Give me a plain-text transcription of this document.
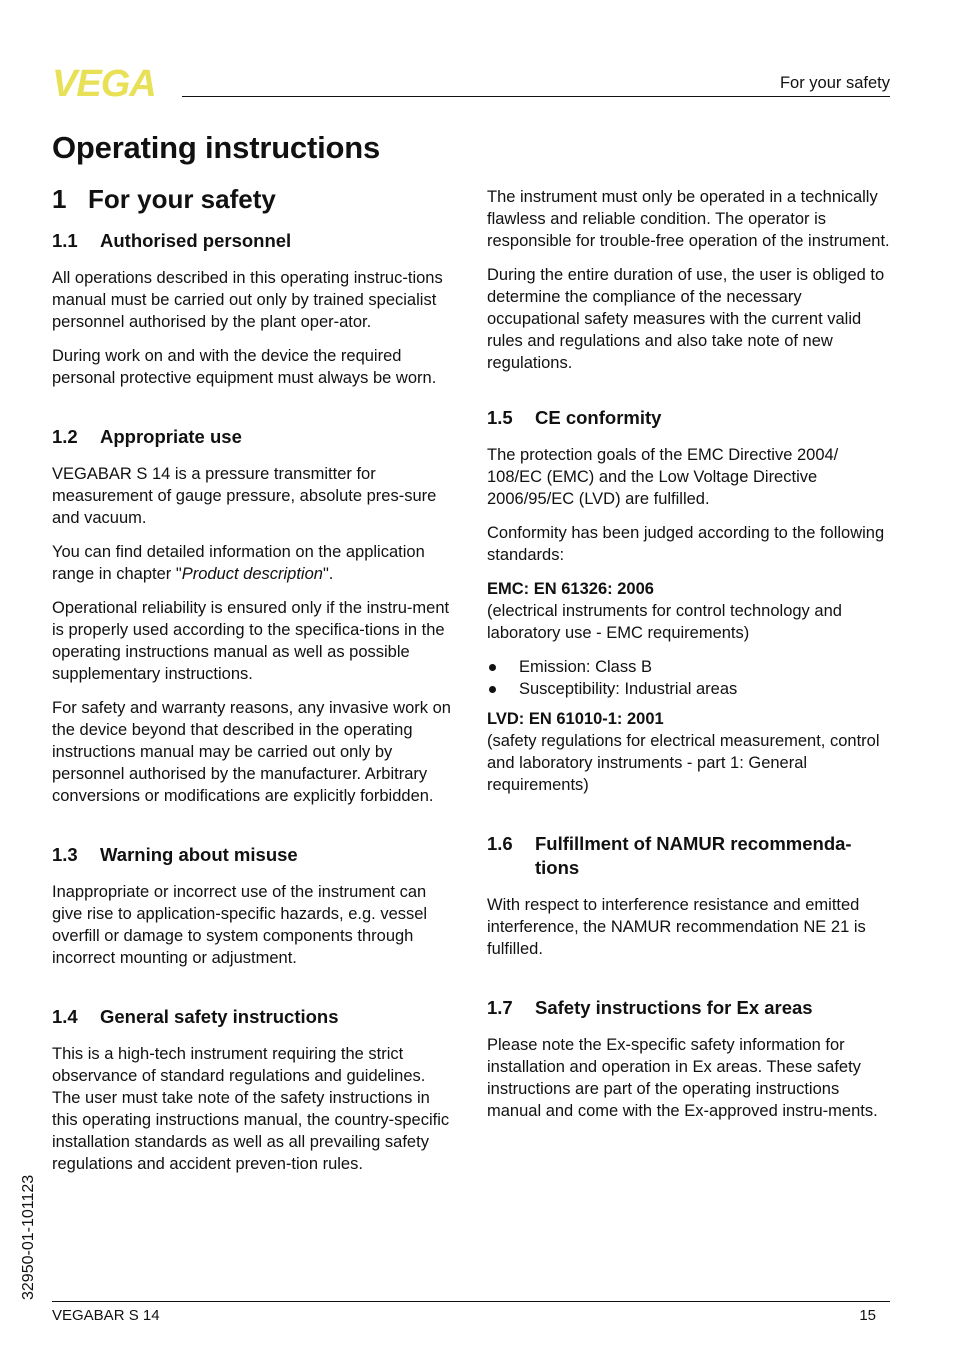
VEGA	For your safety
Operating instructions
1 For your safety
1.1	Authorised personnel

All operations described in this operating instruc-tions manual must be carried out only by trained specialist personnel authorised by the plant oper-ator.

During work on and with the device the required personal protective equipment must always be worn.

1.2	Appropriate use

VEGABAR S 14 is a pressure transmitter for measurement of gauge pressure, absolute pres-sure and vacuum.

You can find detailed information on the application range in chapter "Product description".

Operational reliability is ensured only if the instru-ment is properly used according to the specifica-tions in the operating instructions manual as well as possible supplementary instructions.

For safety and warranty reasons, any invasive work on the device beyond that described in the operating instructions manual may be carried out only by personnel authorised by the manufacturer. Arbitrary conversions or modifications are explicitly forbidden.

1.3	Warning about misuse

Inappropriate or incorrect use of the instrument can give rise to application-specific hazards, e.g. vessel overfill or damage to system components through incorrect mounting or adjustment.

1.4	General safety instructions

This is a high-tech instrument requiring the strict observance of standard regulations and guidelines. The user must take note of the safety instructions in this operating instructions manual, the country-specific installation standards as well as all prevailing safety regulations and accident preven-tion rules.

The instrument must only be operated in a technically flawless and reliable condition. The operator is responsible for trouble-free operation of the instrument.

During the entire duration of use, the user is obliged to determine the compliance of the necessary occupational safety measures with the current valid rules and regulations and also take note of new regulations.

1.5	CE conformity

The protection goals of the EMC Directive 2004/ 108/EC (EMC) and the Low Voltage Directive 2006/95/EC (LVD) are fulfilled.

Conformity has been judged according to the following standards:

EMC: EN 61326: 2006

(electrical instruments for control technology and laboratory use - EMC requirements)

Emission: Class B
Susceptibility: Industrial areas

LVD: EN 61010-1: 2001

(safety regulations for electrical measurement, control and laboratory instruments - part 1: General requirements)

1.6	Fulfillment of NAMUR recommenda-tions

With respect to interference resistance and emitted interference, the NAMUR recommendation NE 21 is fulfilled.

1.7	Safety instructions for Ex areas

Please note the Ex-specific safety information for installation and operation in Ex areas. These safety instructions are part of the operating instructions manual and come with the Ex-approved instru-ments.

32950-01-101123
VEGABAR S 14	15
